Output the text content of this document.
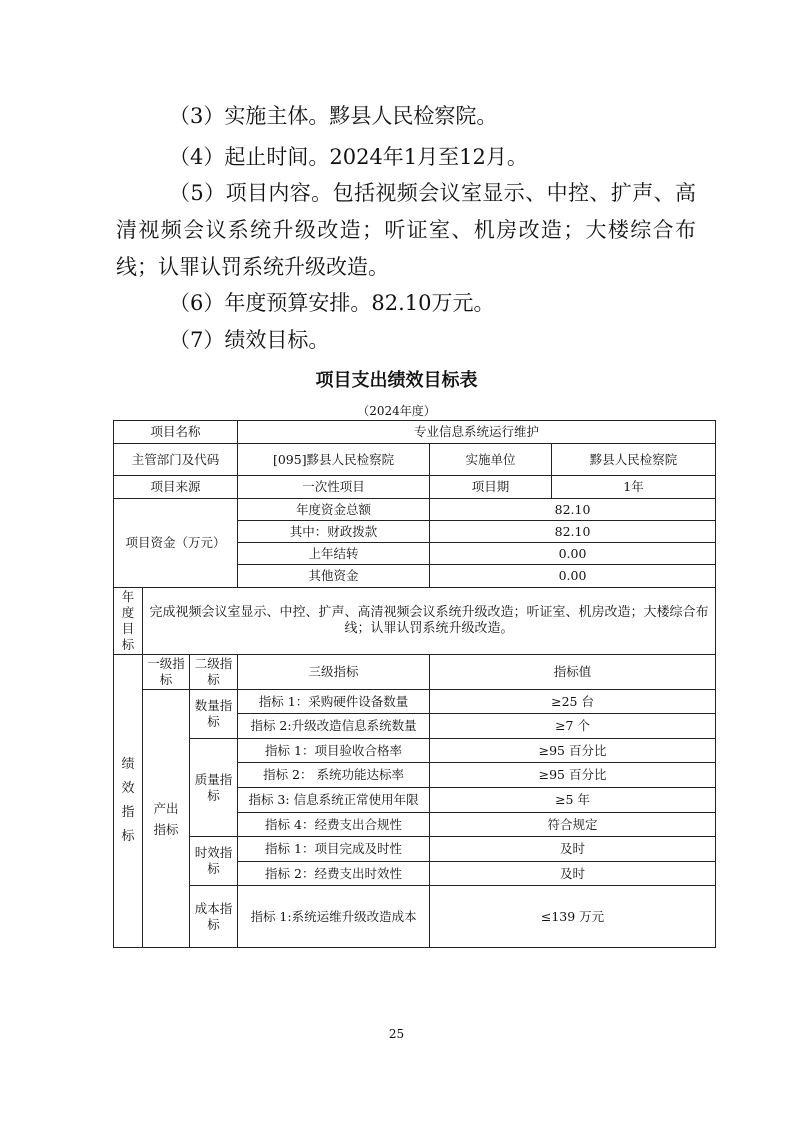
（3）实施主体。黟县人民检察院。

（4）起止时间。2024年1月至12月。

（5）项目内容。包括视频会议室显示、中控、扩声、高清视频会议系统升级改造；听证室、机房改造；大楼综合布线；认罪认罚系统升级改造。

（6）年度预算安排。82.10万元。

（7）绩效目标。

项目支出绩效目标表
（2024年度）
项目名称			专业信息系统运行维护		
主管部门及代码			[095]黟县人民检察院	实施单位	黟县人民检察院
项目来源			一次性项目	项目期	1年
项目资金（万元）			年度资金总额	82.10	
			其中：财政拨款	82.10	
			上年结转	0.00	
			其他资金	0.00	
年度目标	完成视频会议室显示、中控、扩声、高清视频会议系统升级改造；听证室、机房改造；大楼综合布线；认罪认罚系统升级改造。				
绩效指标	一级指标	二级指标	三级指标	指标值	
	产出指标	数量指标	指标 1：采购硬件设备数量	≥25 台	
			指标 2:升级改造信息系统数量	≥7 个	
		质量指标	指标 1：项目验收合格率	≥95 百分比	
			指标 2： 系统功能达标率	≥95 百分比	
			指标 3: 信息系统正常使用年限	≥5 年	
			指标 4：经费支出合规性	符合规定	
		时效指标	指标 1：项目完成及时性	及时	
			指标 2：经费支出时效性	及时	
		成本指标	指标 1:系统运维升级改造成本	≤139 万元	
25
